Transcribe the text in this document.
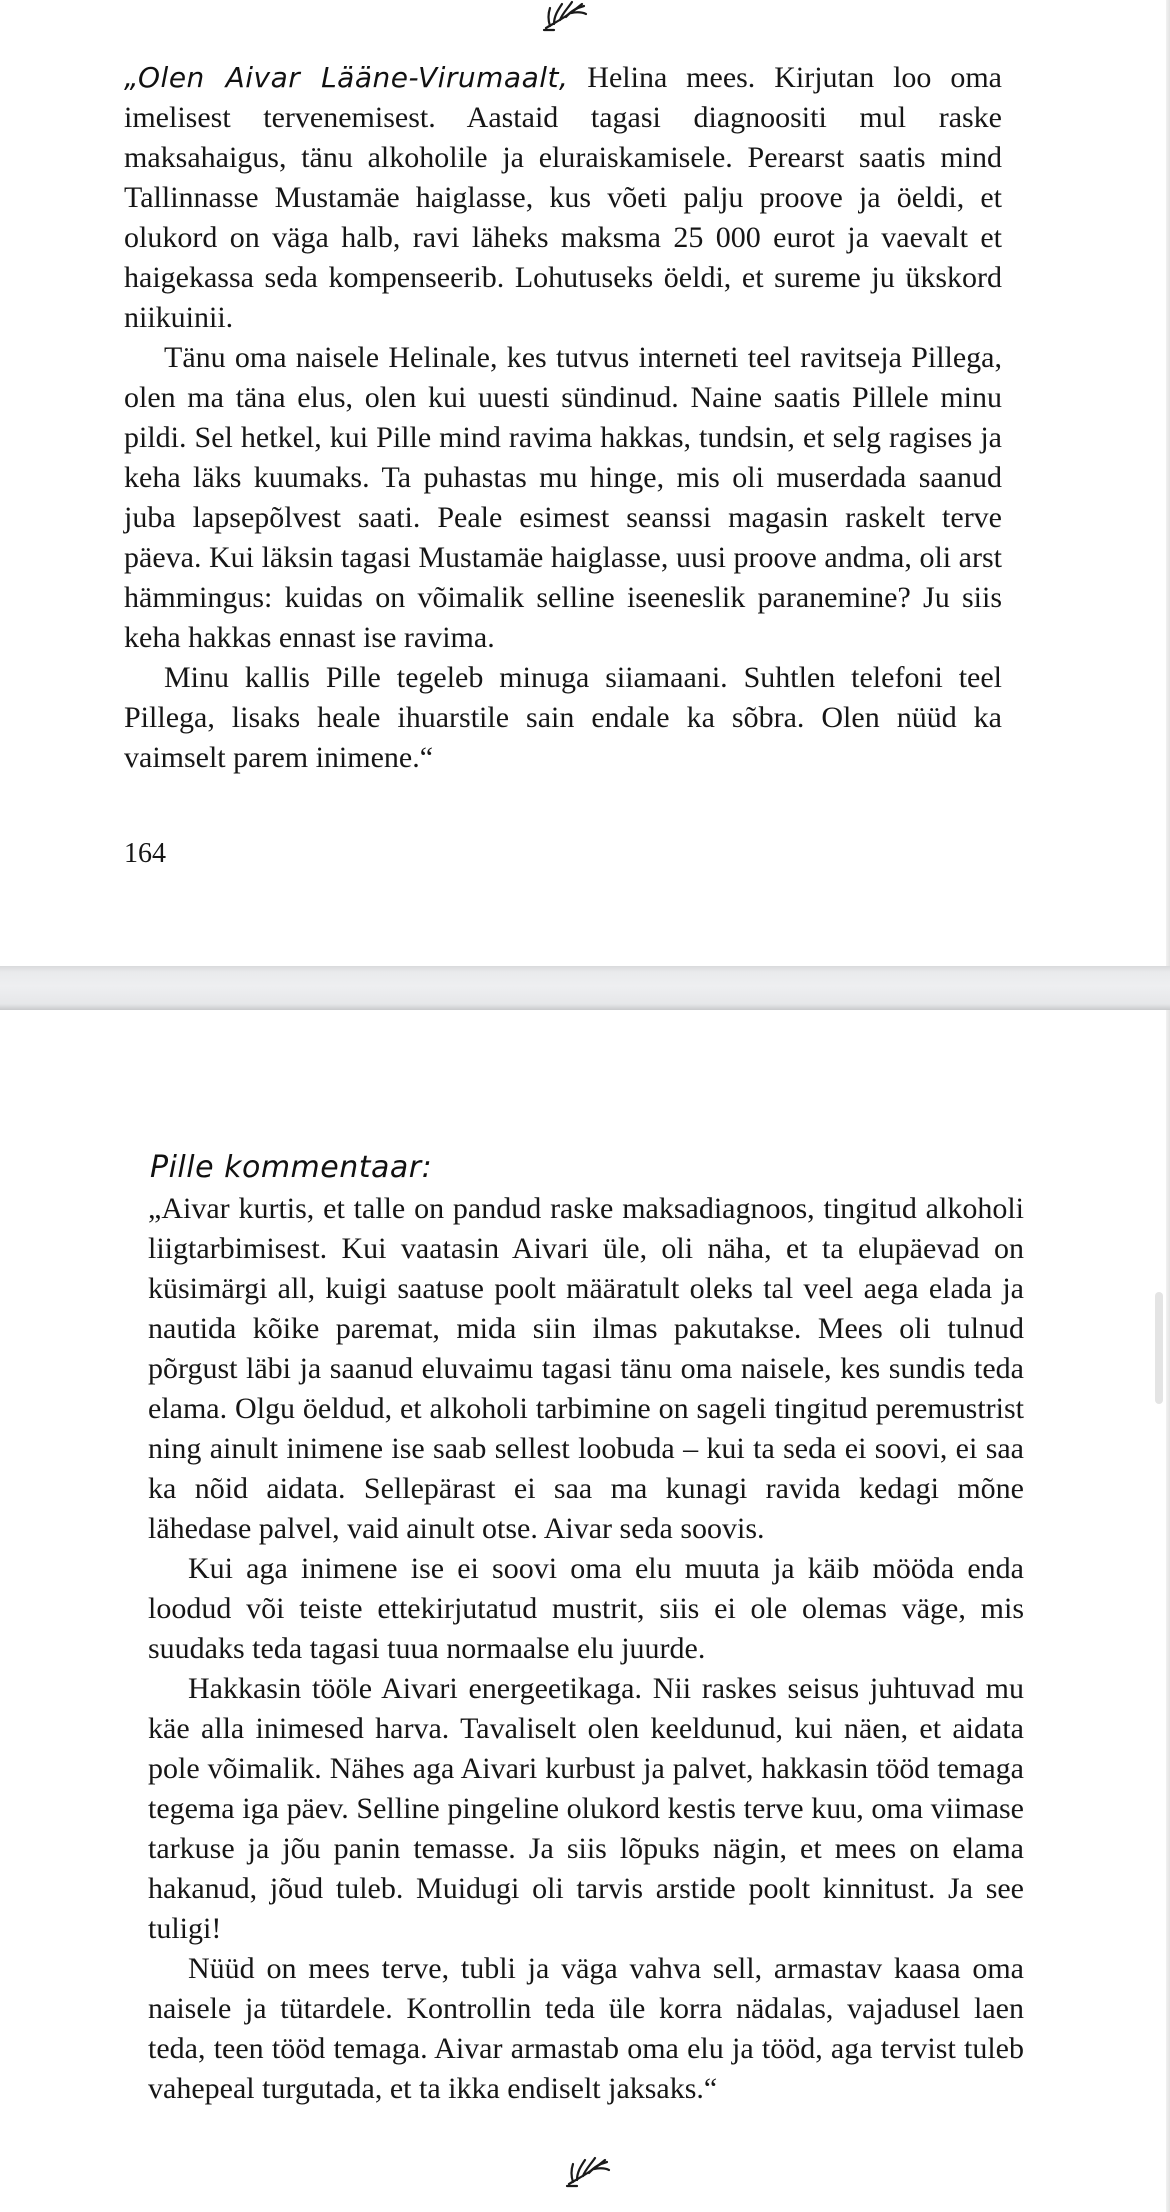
„Olen Aivar Lääne-Virumaalt, Helina mees. Kirjutan loo oma imelisest tervenemisest. Aastaid tagasi diagnoositi mul raske maksahaigus, tänu alkoholile ja eluraiskamisele. Perearst saatis mind Tallinnasse Mustamäe haiglasse, kus võeti palju proove ja öeldi, et olukord on väga halb, ravi läheks maksma 25 000 eurot ja vaevalt et haigekassa seda kompenseerib. Lohutuseks öeldi, et sureme ju ükskord niikuinii.

Tänu oma naisele Helinale, kes tutvus interneti teel ravitseja Pillega, olen ma täna elus, olen kui uuesti sündinud. Naine saatis Pillele minu pildi. Sel hetkel, kui Pille mind ravima hakkas, tundsin, et selg ragises ja keha läks kuumaks. Ta puhastas mu hinge, mis oli muserdada saanud juba lapsepõlvest saati. Peale esimest seanssi magasin raskelt terve päeva. Kui läksin tagasi Mustamäe haiglasse, uusi proove andma, oli arst hämmingus: kuidas on võimalik selline iseeneslik paranemine? Ju siis keha hakkas ennast ise ravima.

Minu kallis Pille tegeleb minuga siiamaani. Suhtlen telefoni teel Pillega, lisaks heale ihuarstile sain endale ka sõbra. Olen nüüd ka vaimselt parem inimene.“

164
Pille kommentaar:

„Aivar kurtis, et talle on pandud raske maksadiagnoos, tingitud alkoholi liigtarbimisest. Kui vaatasin Aivari üle, oli näha, et ta elupäevad on küsimärgi all, kuigi saatuse poolt määratult oleks tal veel aega elada ja nautida kõike paremat, mida siin ilmas pakutakse. Mees oli tulnud põrgust läbi ja saanud eluvaimu tagasi tänu oma naisele, kes sundis teda elama. Olgu öeldud, et alkoholi tarbimine on sageli tingitud peremustrist ning ainult inimene ise saab sellest loobuda – kui ta seda ei soovi, ei saa ka nõid aidata. Sellepärast ei saa ma kunagi ravida kedagi mõne lähedase palvel, vaid ainult otse. Aivar seda soovis.

Kui aga inimene ise ei soovi oma elu muuta ja käib mööda enda loodud või teiste ettekirjutatud mustrit, siis ei ole olemas väge, mis suudaks teda tagasi tuua normaalse elu juurde.

Hakkasin tööle Aivari energeetikaga. Nii raskes seisus juhtuvad mu käe alla inimesed harva. Tavaliselt olen keeldunud, kui näen, et aidata pole võimalik. Nähes aga Aivari kurbust ja palvet, hakkasin tööd temaga tegema iga päev. Selline pingeline olukord kestis terve kuu, oma viimase tarkuse ja jõu panin temasse. Ja siis lõpuks nägin, et mees on elama hakanud, jõud tuleb. Muidugi oli tarvis arstide poolt kinnitust. Ja see tuligi!

Nüüd on mees terve, tubli ja väga vahva sell, armastav kaasa oma naisele ja tütardele. Kontrollin teda üle korra nädalas, vajadusel laen teda, teen tööd temaga. Aivar armastab oma elu ja tööd, aga tervist tuleb vahepeal turgutada, et ta ikka endiselt jaksaks.“
